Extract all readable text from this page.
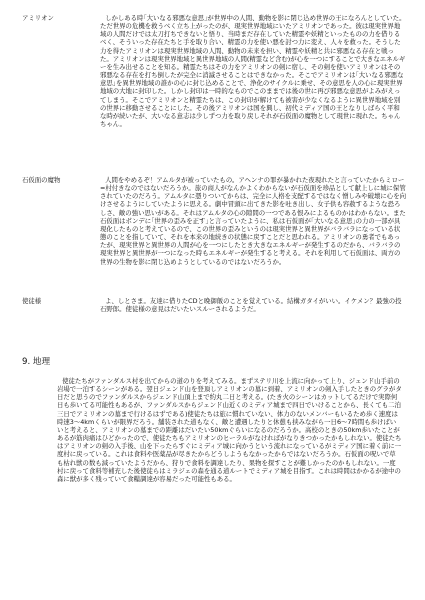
アミリオン	しかしある時｢大いなる邪悪な意思｣が世界中の人間、動物を影に閉じ込め世界の王になろんとしていた。ただ世界の危機を救うべく立ち上がったのが、現実世界地域にいたアミリオンであった。彼は現実世界地域の人間だけでは太刀打ちできないと悟り、当時まだ存在していた精霊や妖精といったものの力を借りるべく、そういった存在たちと手を取り合い、精霊の力を使い悪を討つ力に変え、人々を救った。そうした力を得たアミリオンは現実世界地域の人間、動物の未来を担い、精霊や妖精と共に邪悪なる存在と戦った。アミリオンは現実世界地域と異世界地域の人間(精霊など含む)が心を一つにすることで大きなエネルギーを生み出せることを知る。精霊たちはその力をアミリオンの剣に宿し、その剣を使いアミリオンはその邪悪なる存在を打ち倒したが完全に消滅させることはできなかった。そこでアミリオンは｢大いなる邪悪な意思｣を異世界地域の誰かの心に封じ込めることで、浄化のサイクルに乗せ、その意思を人の心に現実世界地域の大地に封印した。しかし封印は一時的なものでこのままでは後の世に再び邪悪な意思がよみがえってしまう。そこでアミリオンと精霊たちは、この封印が解けても被害が少なくなるように異世界地域を別の世界に移動させることにした。その後アミリオンは国を興し、初代ミディア国の王となりしばらく平和な時が続いたが、大いなる意志は少しずつ力を取り戻しそれが石仮面の魔物として現世に現れた。ちゃんちゃん。

石仮面の魔物	人間をやめるぞ！アムルタが被っていたもの。アヘンナの罪が暴かれた夜現れたと言っていたからミロー=村付きなのではないだろうか。旅の商人がなんかよくわからないが石仮面を珍品として献上しに城に保管されていたのだろう。アムルタに憑りついてからは、完全に人格を支配するではなく憎しみや破壊に心を向けさせるようにしていたように思える。劇中冒頭に出てきた影を吐き出し、女子供も容赦するような恐ろしさ、敵の強い思いがある。それはアムルタの心の隙間の一つである恨みによるものかはわからない。また石仮面はボンデに｢世界の歪みを正す｣と言っていたように、私は石仮面が｢大いなる意思｣の力の一部が具現化したものと考えているので、この世界の歪みというのは現実世界と異世界がバラバラになっている状態のことを指していて、それを本来の地続きの状態に戻すことだと思われる。アミリオンの勇者でもあったが、現実世界と異世界の人間が心を一つにしたとき大きなエネルギーが発生するのだから、バラバラの現実世界と異世界が一つになった時もエネルギーが発生すると考える。それを利用して石仮面は、両方の世界の生物を影に閉じ込めようとしているのではないだろうか。

使徒様	よ、しとさま。友達に借りたCDと晩御飯のことを覚えている。結構ガタイがいい。イケメン？最強の投石野郎。使徒様の意見はだいたいスルーされるようだ。

9. 地理

使徒たちがファンダルス村を出てからの道のりを考えてみる。まずステリ川を上流に向かって上り、ジェンド山手前の岩場で一泊するシーンがある。翌日ジェンド山を登頂しアミリオンの墓に到着、アミリオンの剣入手したときのグラがタ日だと思うのでファンダルスからジェンド山頂上まで約丸二日と考える。(たき火のシーンはカットしてるだけで実際何日も歩いてる可能性もあるが、ファンダルスからジェンド山近くのミディア城まで四日でいけることから、長くても二泊三日でアミリオンの墓まで行けるはずである)使徒たちは旅に慣れていない、体力のないメンバーもいるため歩く速度は時速3〜4kmくらいが限界だろう。舗装された道もなく、敵と遭遇したりと休憩も挟みながら一日6〜7時間も歩けばいいと考えると、アミリオンの墓までの距離はだいたい50kmぐらいになるのだろうか。高校のときの50km歩いたことがあるが筋肉痛はひどかったので、使徒たちもアミリオンのヒーラルがなければがなりきつかったかもしれない。使徒たちはアミリオンの剣の入手後、山を下ったらすぐにミディア城に向かうという流れになっているがミディア国に着く前に一度村に戻っている。これは食料や医薬品が尽きたからどうしようもなかったからではないだろうか。石仮面の呪いで草も枯れ獣の数も減っていたようだから、狩りで食料を調達したり、果物を探すことが難しかったのかもしれない。一度村に戻って食料等補充した後使徒らはミラジェの森を通る道ルートでミディア城を目指す。これは時間はかかるが途中の森に獣が多く残っていて食糧調達が容易だった可能性もある。
